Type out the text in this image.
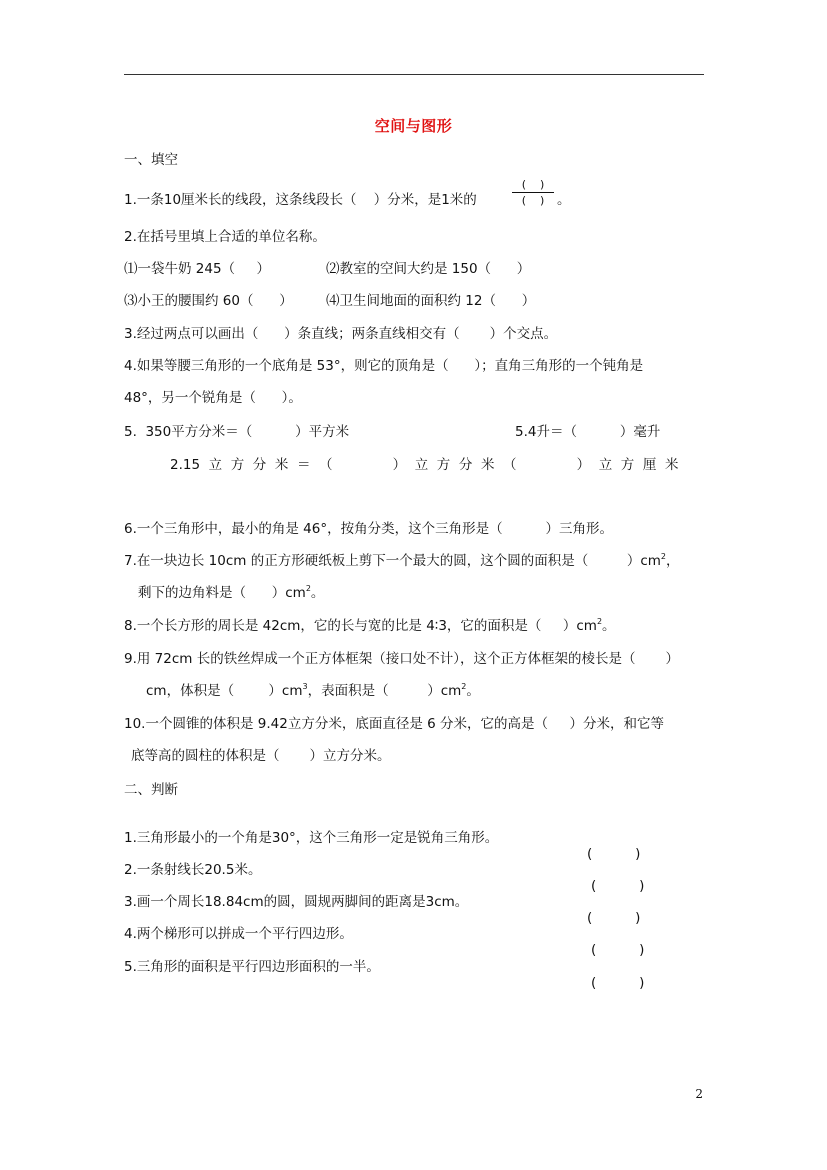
空间与图形
一、填空
1.一条10厘米长的线段，这条线段长（    ）分米，是1米的
(    )
(    ) 。
2.在括号里填上合适的单位名称。
⑴一袋牛奶 245（     ）	⑵教室的空间大约是 150（      ）
⑶小王的腰围约 60（      ） ⑷卫生间地面的面积约 12（      ）
3.经过两点可以画出（      ）条直线；两条直线相交有（       ）个交点。
4.如果等腰三角形的一个底角是 53°，则它的顶角是（      ）；直角三角形的一个钝角是
48°，另一个锐角是（      ）。
5.  350平方分米＝（          ）平方米	5.4升＝（          ）毫升
2.15  立  方  分  米  ＝  （              ）  立  方  分  米  （              ）  立  方  厘  米
6.一个三角形中，最小的角是 46°，按角分类，这个三角形是（          ）三角形。
7.在一块边长 10cm 的正方形硬纸板上剪下一个最大的圆，这个圆的面积是（         ）$cm^2$，
剩下的边角料是（      ）$cm^2$。
8.一个长方形的周长是 42cm，它的长与宽的比是 4∶3，它的面积是（     ）$cm^2$。
9.用 72cm 长的铁丝焊成一个正方体框架（接口处不计），这个正方体框架的棱长是（       ）
cm，体积是（        ）$cm^3$，表面积是（         ）$cm^2$。
10.一个圆锥的体积是 9.42立方分米，底面直径是 6 分米，它的高是（     ）分米，和它等
底等高的圆柱的体积是（       ）立方分米。
二、判断

1.三角形最小的一个角是30°，这个三角形一定是锐角三角形。

(          )

2.一条射线长20.5米。

(          )

3.画一个周长18.84cm的圆，圆规两脚间的距离是3cm。

(          )

4.两个梯形可以拼成一个平行四边形。

(          )

5.三角形的面积是平行四边形面积的一半。

(          )

2
